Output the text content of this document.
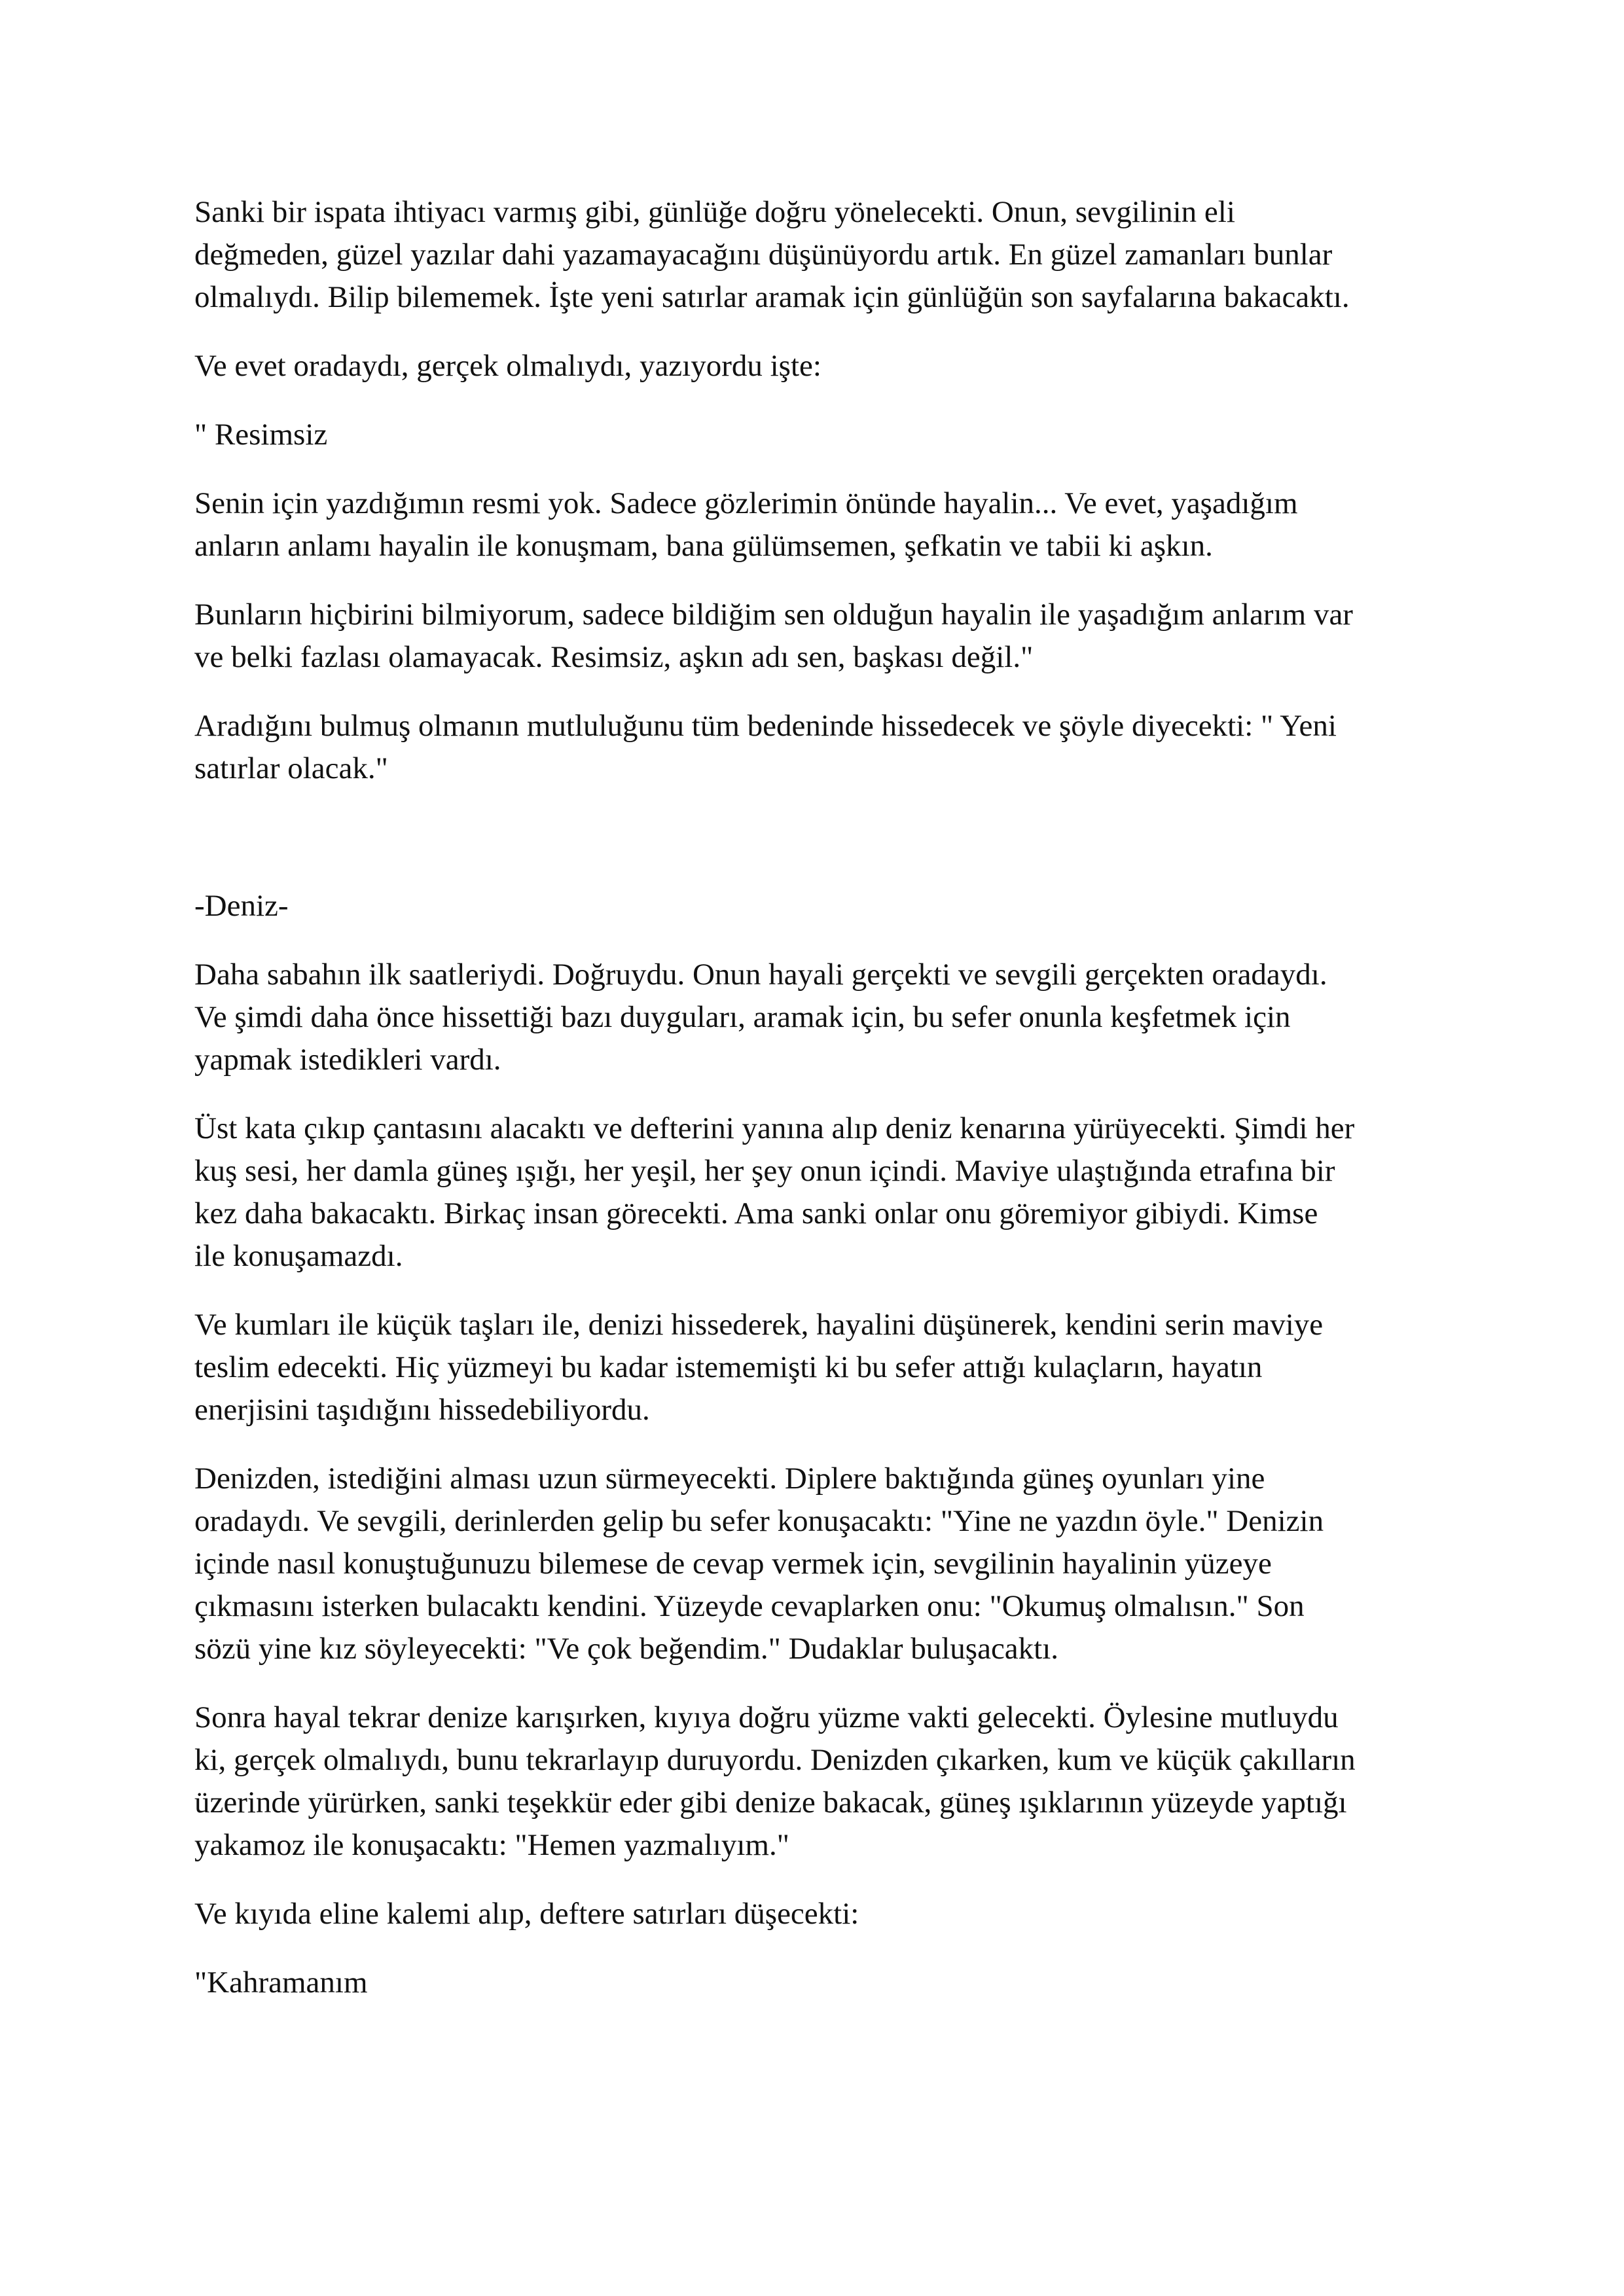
Sanki bir ispata ihtiyacı varmış gibi, günlüğe doğru yönelecekti. Onun, sevgilinin eli
değmeden, güzel yazılar dahi yazamayacağını düşünüyordu artık. En güzel zamanları bunlar
olmalıydı. Bilip bilememek. İşte yeni satırlar aramak için günlüğün son sayfalarına bakacaktı.

Ve evet oradaydı, gerçek olmalıydı, yazıyordu işte:

" Resimsiz

Senin için yazdığımın resmi yok. Sadece gözlerimin önünde hayalin... Ve evet, yaşadığım
anların anlamı hayalin ile konuşmam, bana gülümsemen, şefkatin ve tabii ki aşkın.

Bunların hiçbirini bilmiyorum, sadece bildiğim sen olduğun hayalin ile yaşadığım anlarım var
ve belki fazlası olamayacak. Resimsiz, aşkın adı sen, başkası değil."

Aradığını bulmuş olmanın mutluluğunu tüm bedeninde hissedecek ve şöyle diyecekti: " Yeni
satırlar olacak."

-Deniz-

Daha sabahın ilk saatleriydi. Doğruydu. Onun hayali gerçekti ve sevgili gerçekten oradaydı.
Ve şimdi daha önce hissettiği bazı duyguları, aramak için, bu sefer onunla keşfetmek için
yapmak istedikleri vardı.

Üst kata çıkıp çantasını alacaktı ve defterini yanına alıp deniz kenarına yürüyecekti. Şimdi her
kuş sesi, her damla güneş ışığı, her yeşil, her şey onun içindi. Maviye ulaştığında etrafına bir
kez daha bakacaktı. Birkaç insan görecekti. Ama sanki onlar onu göremiyor gibiydi. Kimse
ile konuşamazdı.

Ve kumları ile küçük taşları ile, denizi hissederek, hayalini düşünerek, kendini serin maviye
teslim edecekti. Hiç yüzmeyi bu kadar istememişti ki bu sefer attığı kulaçların, hayatın
enerjisini taşıdığını hissedebiliyordu.

Denizden, istediğini alması uzun sürmeyecekti. Diplere baktığında güneş oyunları yine
oradaydı. Ve sevgili, derinlerden gelip bu sefer konuşacaktı: "Yine ne yazdın öyle." Denizin
içinde nasıl konuştuğunuzu bilemese de cevap vermek için, sevgilinin hayalinin yüzeye
çıkmasını isterken bulacaktı kendini. Yüzeyde cevaplarken onu: "Okumuş olmalısın." Son
sözü yine kız söyleyecekti: "Ve çok beğendim." Dudaklar buluşacaktı.

Sonra hayal tekrar denize karışırken, kıyıya doğru yüzme vakti gelecekti. Öylesine mutluydu
ki, gerçek olmalıydı, bunu tekrarlayıp duruyordu. Denizden çıkarken, kum ve küçük çakılların
üzerinde yürürken, sanki teşekkür eder gibi denize bakacak, güneş ışıklarının yüzeyde yaptığı
yakamoz ile konuşacaktı: "Hemen yazmalıyım."

Ve kıyıda eline kalemi alıp, deftere satırları düşecekti:

"Kahramanım
